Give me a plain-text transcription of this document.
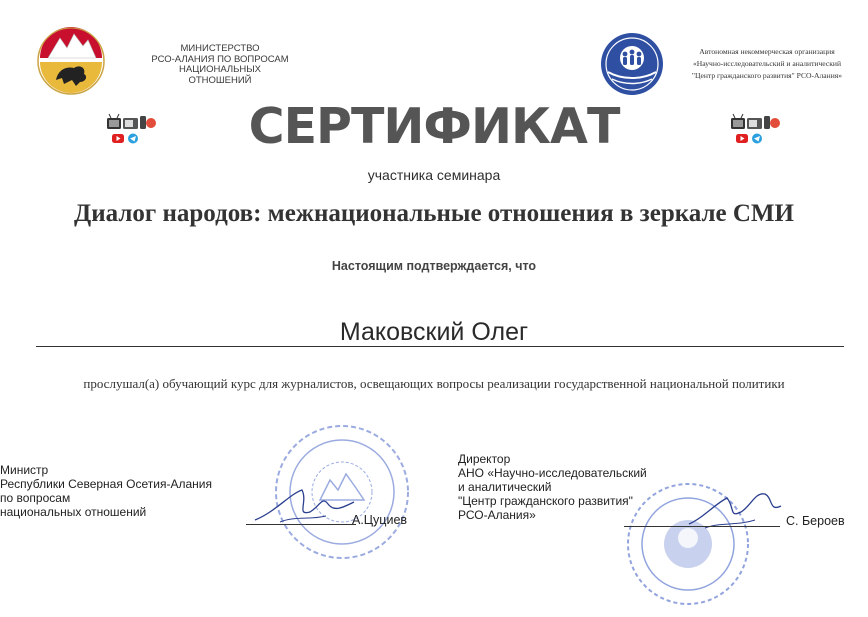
МИНИСТЕРСТВО
РСО-АЛАНИЯ ПО ВОПРОСАМ
НАЦИОНАЛЬНЫХ
ОТНОШЕНИЙ
Автономная некоммерческая организация
«Научно-исследовательский и аналитический
"Центр гражданского развития" РСО-Алания»
СЕРТИФИКАТ
участника семинара
Диалог народов: межнациональные отношения в зеркале СМИ
Настоящим подтверждается, что
Маковский Олег
прослушал(а) обучающий курс для журналистов, освещающих вопросы реализации государственной национальной политики
Министр
Республики Северная Осетия-Алания
по вопросам
национальных отношений
А.Цуциев
Директор
АНО «Научно-исследовательский
и аналитический
"Центр гражданского развития"
РСО-Алания»	С. Бероев
